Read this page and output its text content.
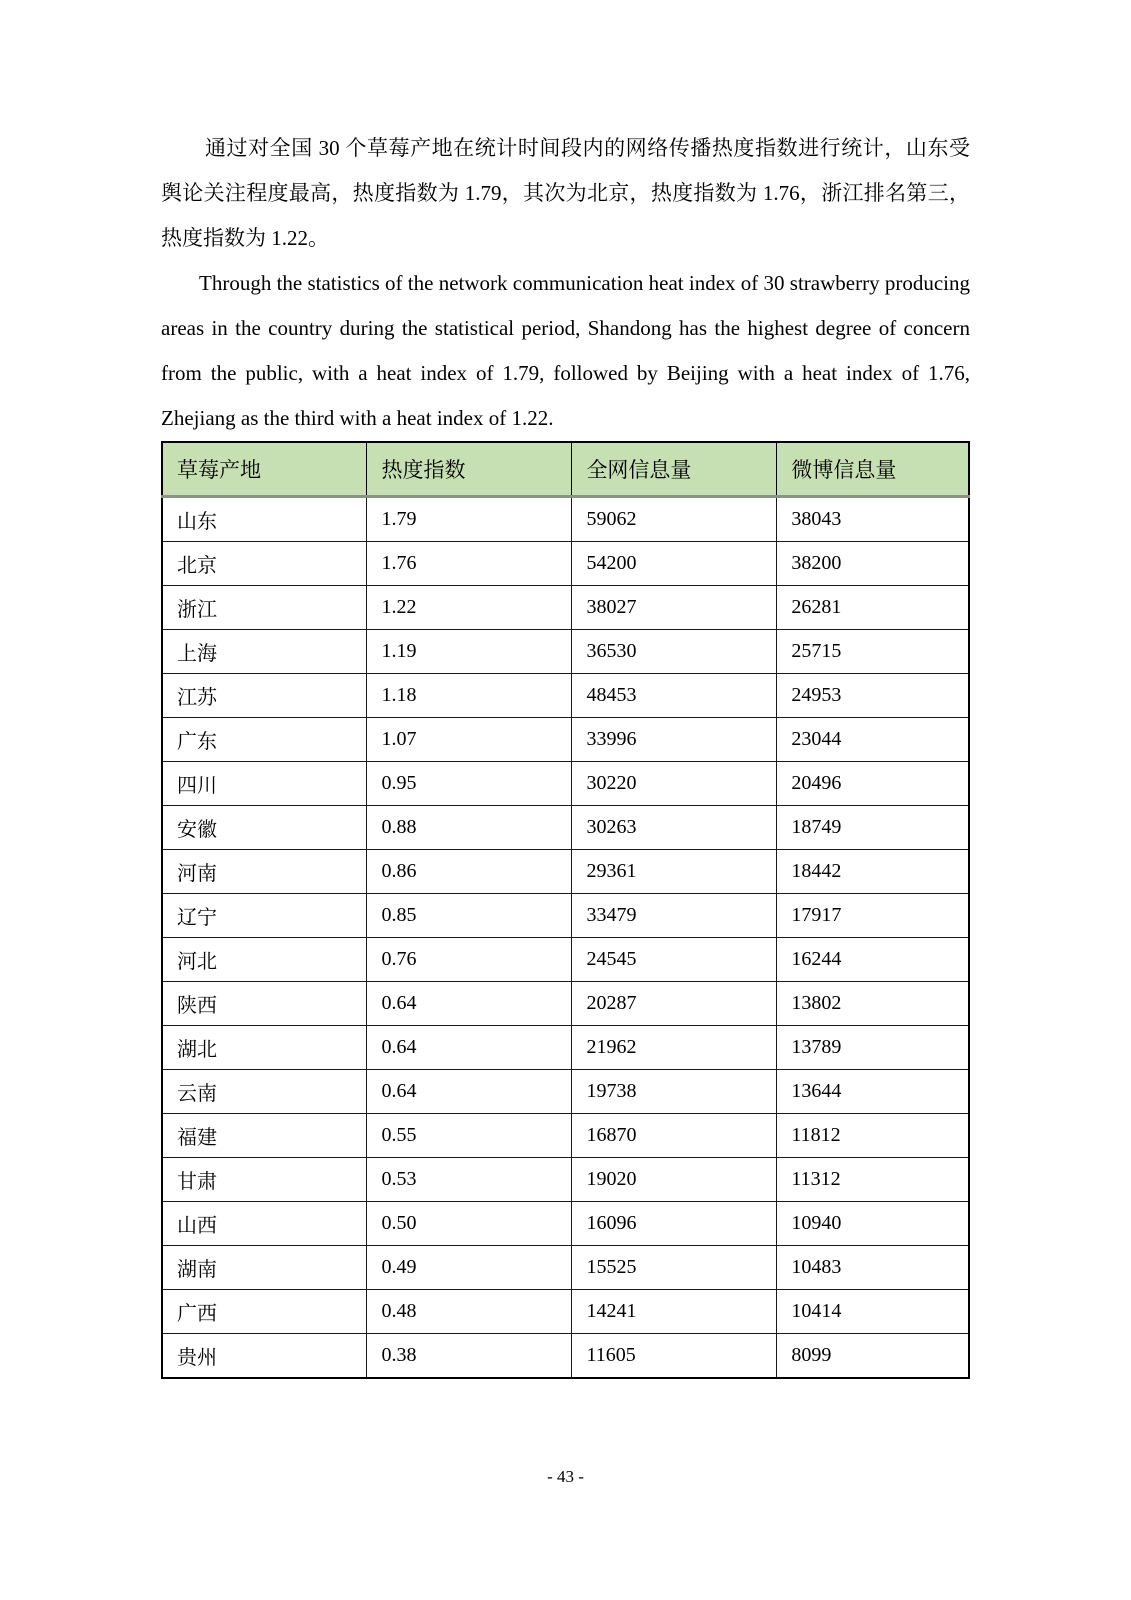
通过对全国 30 个草莓产地在统计时间段内的网络传播热度指数进行统计，山东受舆论关注程度最高，热度指数为 1.79，其次为北京，热度指数为 1.76，浙江排名第三，热度指数为 1.22。

Through the statistics of the network communication heat index of 30 strawberry producing areas in the country during the statistical period, Shandong has the highest degree of concern from the public, with a heat index of 1.79, followed by Beijing with a heat index of 1.76, Zhejiang as the third with a heat index of 1.22.

草莓产地	热度指数	全网信息量	微博信息量
山东	1.79	59062	38043
北京	1.76	54200	38200
浙江	1.22	38027	26281
上海	1.19	36530	25715
江苏	1.18	48453	24953
广东	1.07	33996	23044
四川	0.95	30220	20496
安徽	0.88	30263	18749
河南	0.86	29361	18442
辽宁	0.85	33479	17917
河北	0.76	24545	16244
陕西	0.64	20287	13802
湖北	0.64	21962	13789
云南	0.64	19738	13644
福建	0.55	16870	11812
甘肃	0.53	19020	11312
山西	0.50	16096	10940
湖南	0.49	15525	10483
广西	0.48	14241	10414
贵州	0.38	11605	8099
- 43 -
